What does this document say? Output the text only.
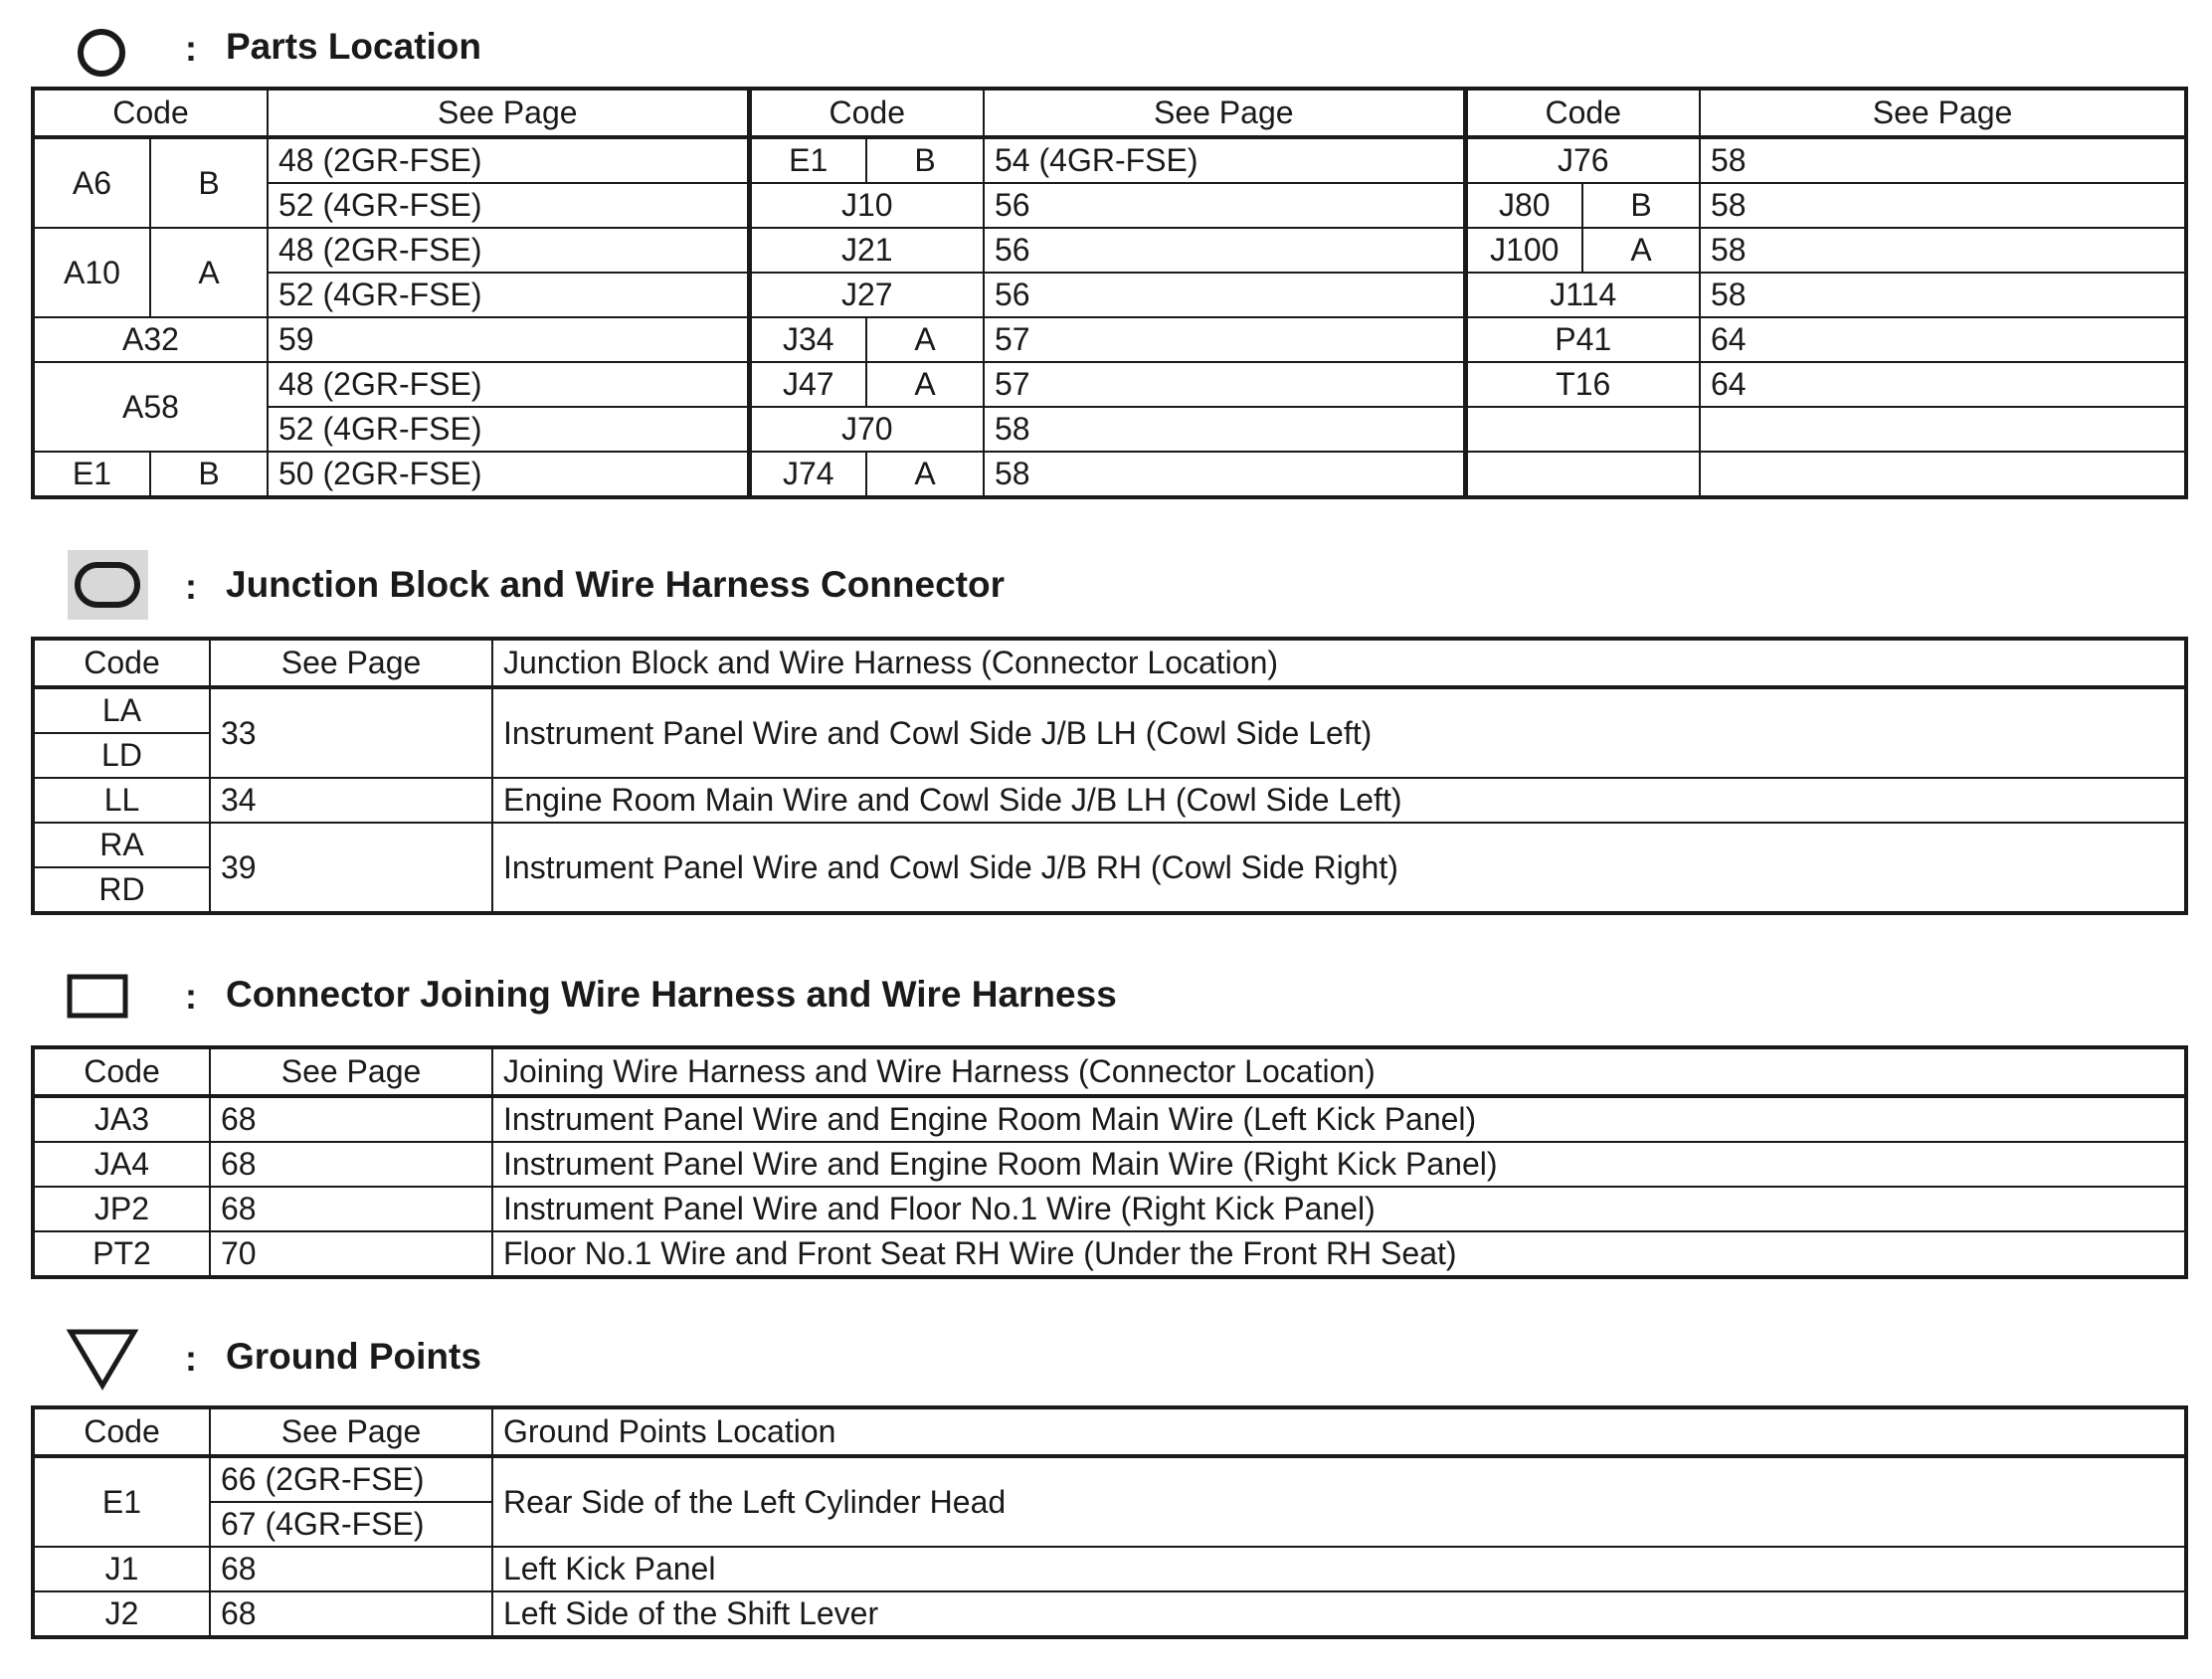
: Parts Location
Code		See Page	Code		See Page	Code		See Page
A6	B	48 (2GR-FSE)	E1	B	54 (4GR-FSE)	J76		58
		52 (4GR-FSE)	J10		56	J80	B	58
A10	A	48 (2GR-FSE)	J21		56	J100	A	58
		52 (4GR-FSE)	J27		56	J114		58
A32		59	J34	A	57	P41		64
A58		48 (2GR-FSE)	J47	A	57	T16		64
		52 (4GR-FSE)	J70		58			
E1	B	50 (2GR-FSE)	J74	A	58			
: Junction Block and Wire Harness Connector
Code	See Page	Junction Block and Wire Harness (Connector Location)
LA	33	Instrument Panel Wire and Cowl Side J/B LH (Cowl Side Left)
LD		
LL	34	Engine Room Main Wire and Cowl Side J/B LH (Cowl Side Left)
RA	39	Instrument Panel Wire and Cowl Side J/B RH (Cowl Side Right)
RD		
: Connector Joining Wire Harness and Wire Harness
Code	See Page	Joining Wire Harness and Wire Harness (Connector Location)
JA3	68	Instrument Panel Wire and Engine Room Main Wire (Left Kick Panel)
JA4	68	Instrument Panel Wire and Engine Room Main Wire (Right Kick Panel)
JP2	68	Instrument Panel Wire and Floor No.1 Wire (Right Kick Panel)
PT2	70	Floor No.1 Wire and Front Seat RH Wire (Under the Front RH Seat)
: Ground Points
Code	See Page	Ground Points Location
E1	66 (2GR-FSE)	Rear Side of the Left Cylinder Head
	67 (4GR-FSE)	
J1	68	Left Kick Panel
J2	68	Left Side of the Shift Lever
